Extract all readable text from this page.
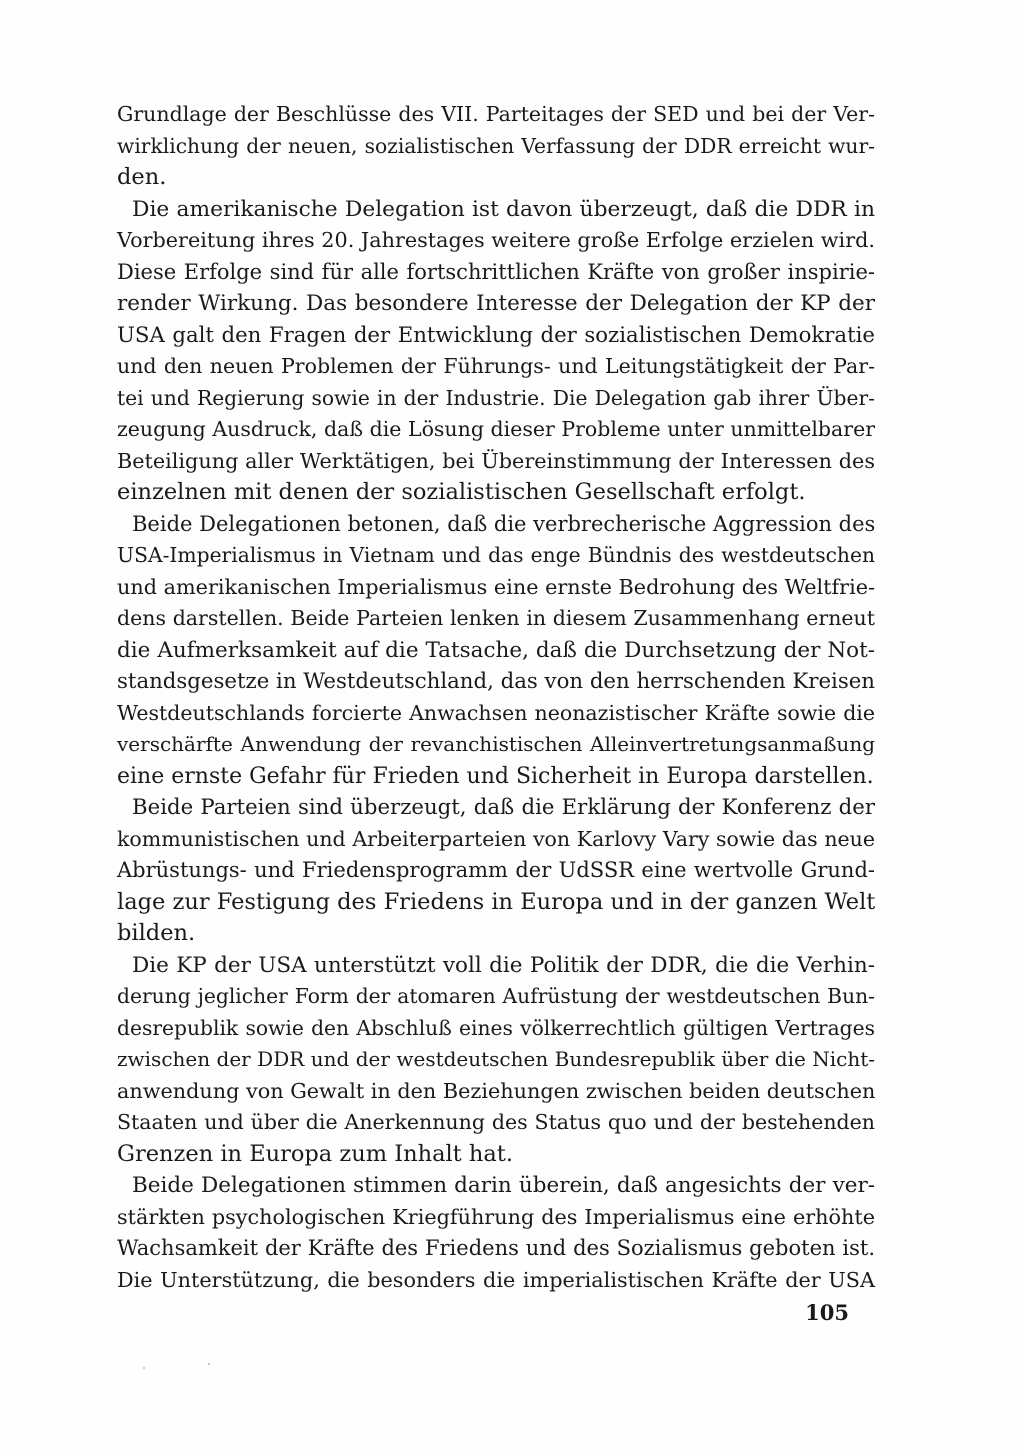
Grundlage der Beschlüsse des VII. Parteitages der SED und bei der Ver-
wirklichung der neuen, sozialistischen Verfassung der DDR erreicht wur-
den.
Die amerikanische Delegation ist davon überzeugt, daß die DDR in
Vorbereitung ihres 20. Jahrestages weitere große Erfolge erzielen wird.
Diese Erfolge sind für alle fortschrittlichen Kräfte von großer inspirie-
render Wirkung. Das besondere Interesse der Delegation der KP der
USA galt den Fragen der Entwicklung der sozialistischen Demokratie
und den neuen Problemen der Führungs- und Leitungstätigkeit der Par-
tei und Regierung sowie in der Industrie. Die Delegation gab ihrer Über-
zeugung Ausdruck, daß die Lösung dieser Probleme unter unmittelbarer
Beteiligung aller Werktätigen, bei Übereinstimmung der Interessen des
einzelnen mit denen der sozialistischen Gesellschaft erfolgt.
Beide Delegationen betonen, daß die verbrecherische Aggression des
USA-Imperialismus in Vietnam und das enge Bündnis des westdeutschen
und amerikanischen Imperialismus eine ernste Bedrohung des Weltfrie-
dens darstellen. Beide Parteien lenken in diesem Zusammenhang erneut
die Aufmerksamkeit auf die Tatsache, daß die Durchsetzung der Not-
standsgesetze in Westdeutschland, das von den herrschenden Kreisen
Westdeutschlands forcierte Anwachsen neonazistischer Kräfte sowie die
verschärfte Anwendung der revanchistischen Alleinvertretungsanmaßung
eine ernste Gefahr für Frieden und Sicherheit in Europa darstellen.
Beide Parteien sind überzeugt, daß die Erklärung der Konferenz der
kommunistischen und Arbeiterparteien von Karlovy Vary sowie das neue
Abrüstungs- und Friedensprogramm der UdSSR eine wertvolle Grund-
lage zur Festigung des Friedens in Europa und in der ganzen Welt
bilden.
Die KP der USA unterstützt voll die Politik der DDR, die die Verhin-
derung jeglicher Form der atomaren Aufrüstung der westdeutschen Bun-
desrepublik sowie den Abschluß eines völkerrechtlich gültigen Vertrages
zwischen der DDR und der westdeutschen Bundesrepublik über die Nicht-
anwendung von Gewalt in den Beziehungen zwischen beiden deutschen
Staaten und über die Anerkennung des Status quo und der bestehenden
Grenzen in Europa zum Inhalt hat.
Beide Delegationen stimmen darin überein, daß angesichts der ver-
stärkten psychologischen Kriegführung des Imperialismus eine erhöhte
Wachsamkeit der Kräfte des Friedens und des Sozialismus geboten ist.
Die Unterstützung, die besonders die imperialistischen Kräfte der USA
105
